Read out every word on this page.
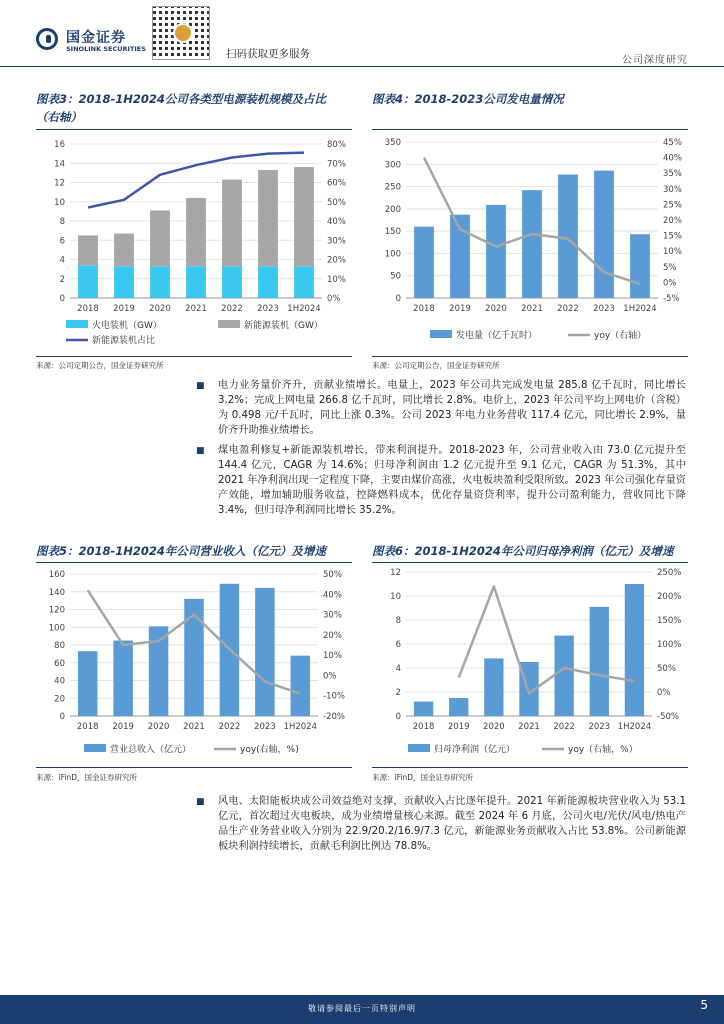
国金证券
SINOLINK SECURITIES	扫码获取更多服务
公司深度研究
图表3：2018-1H2024公司各类型电源装机规模及占比（右轴）
图表4：2018-2023公司发电量情况
0
2
4
6
8
10
12
14
16
0%
10%
20%
30%
40%
50%
60%
70%
80%
2018 2019 2020 2021 2022 2023 1H2024
火电装机（GW）	新能源装机（GW）
新能源装机占比
0
50
100
150
200
250
300
350
-5%
0%
5%
10%
15%
20%
25%
30%
35%
40%
45%
2018 2019 2020 2021 2022 2023 1H2024
发电量（亿千瓦时）	yoy（右轴）
来源：公司定期公告，国金证券研究所	来源：公司定期公告，国金证券研究所
■ 电力业务量价齐升，贡献业绩增长。电量上，2023 年公司共完成发电量 285.8 亿千瓦时，同比增长 3.2%；完成上网电量 266.8 亿千瓦时，同比增长 2.8%。电价上，2023 年公司平均上网电价（含税）为 0.498 元/千瓦时，同比上涨 0.3%。公司 2023 年电力业务营收 117.4 亿元，同比增长 2.9%，量价齐升助推业绩增长。
■ 煤电盈利修复+新能源装机增长，带来利润提升。2018-2023 年，公司营业收入由 73.0 亿元提升至 144.4 亿元，CAGR 为 14.6%；归母净利润由 1.2 亿元提升至 9.1 亿元，CAGR 为 51.3%，其中 2021 年净利润出现一定程度下降，主要由煤价高涨，火电板块盈利受限所致。2023 年公司强化存量资产效能，增加辅助服务收益，控降燃料成本，优化存量资贷利率，提升公司盈利能力，营收同比下降 3.4%，但归母净利润同比增长 35.2%。
图表5：2018-1H2024年公司营业收入（亿元）及增速	图表6：2018-1H2024年公司归母净利润（亿元）及增速
0
20
40
60
80
100
120
140
160
-20%
-10%
0%
10%
20%
30%
40%
50%
2018 2019 2020 2021 2022 2023 1H2024
营业总收入（亿元）	yoy(右轴，%)
0
2
4
6
8
10
12
-50%
0%
50%
100%
150%
200%
250%
2018 2019 2020 2021 2022 2023 1H2024
归母净利润（亿元）	yoy（右轴，%）
来源：iFinD，国金证券研究所	来源：iFinD，国金证券研究所
■ 风电、太阳能板块成公司效益绝对支撑，贡献收入占比逐年提升。2021 年新能源板块营业收入为 53.1 亿元，首次超过火电板块，成为业绩增量核心来源。截至 2024 年 6 月底，公司火电/光伏/风电/热电产品生产业务营业收入分别为 22.9/20.2/16.9/7.3 亿元，新能源业务贡献收入占比 53.8%。公司新能源板块利润持续增长，贡献毛利润比例达 78.8%。
敬请参阅最后一页特别声明	5
